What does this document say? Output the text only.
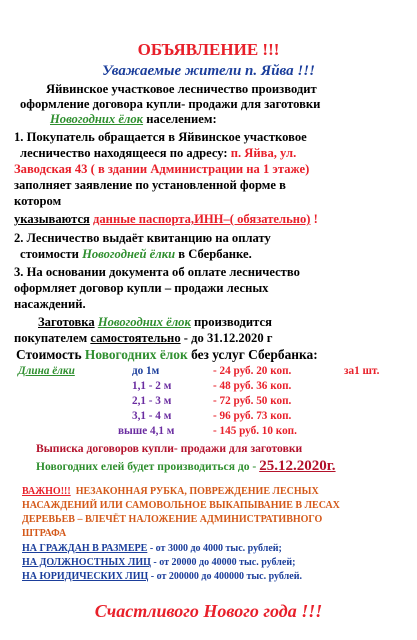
ОБЪЯВЛЕНИЕ !!!
Уважаемые жители п. Яйва !!!
Яйвинское участковое лесничество производит
оформление договора купли- продажи для заготовки
Новогодних ёлок населением:
1. Покупатель обращается в Яйвинское участковое
лесничество находящееся по адресу: п. Яйва, ул.
Заводская 43 ( в здании Администрации на 1 этаже)
заполняет заявление по установленной форме в
котором
указываются данные паспорта,ИНН–( обязательно) !
2. Лесничество выдаёт квитанцию на оплату
стоимости Новогодней ёлки в Сбербанке.
3. На основании документа об оплате лесничество
оформляет договор купли – продажи лесных
насаждений.
Заготовка Новогодних ёлок производится
покупателем самостоятельно - до 31.12.2020 г
Стоимость Новогодних ёлок без услуг Сбербанка:
Длина ёлки	до 1м	- 24 руб. 20 коп.	за1 шт.
1,1 - 2 м	- 48 руб. 36 коп.
2,1 - 3 м	- 72 руб. 50 коп.
3,1 - 4 м	- 96 руб. 73 коп.
выше 4,1 м	- 145 руб. 10 коп.
Выписка договоров купли- продажи для заготовки
Новогодних елей будет производиться до - 25.12.2020г.
ВАЖНО!!! НЕЗАКОННАЯ РУБКА, ПОВРЕЖДЕНИЕ ЛЕСНЫХ
НАСАЖДЕНИЙ ИЛИ САМОВОЛЬНОЕ ВЫКАПЫВАНИЕ В ЛЕСАХ
ДЕРЕВЬЕВ – ВЛЕЧЁТ НАЛОЖЕНИЕ АДМИНИСТРАТИВНОГО
ШТРАФА
НА ГРАЖДАН В РАЗМЕРЕ - от 3000 до 4000 тыс. рублей;
НА ДОЛЖНОСТНЫХ ЛИЦ - от 20000 до 40000 тыс. рублей;
НА ЮРИДИЧЕСКИХ ЛИЦ - от 200000 до 400000 тыс. рублей.
Счастливого Нового года !!!
